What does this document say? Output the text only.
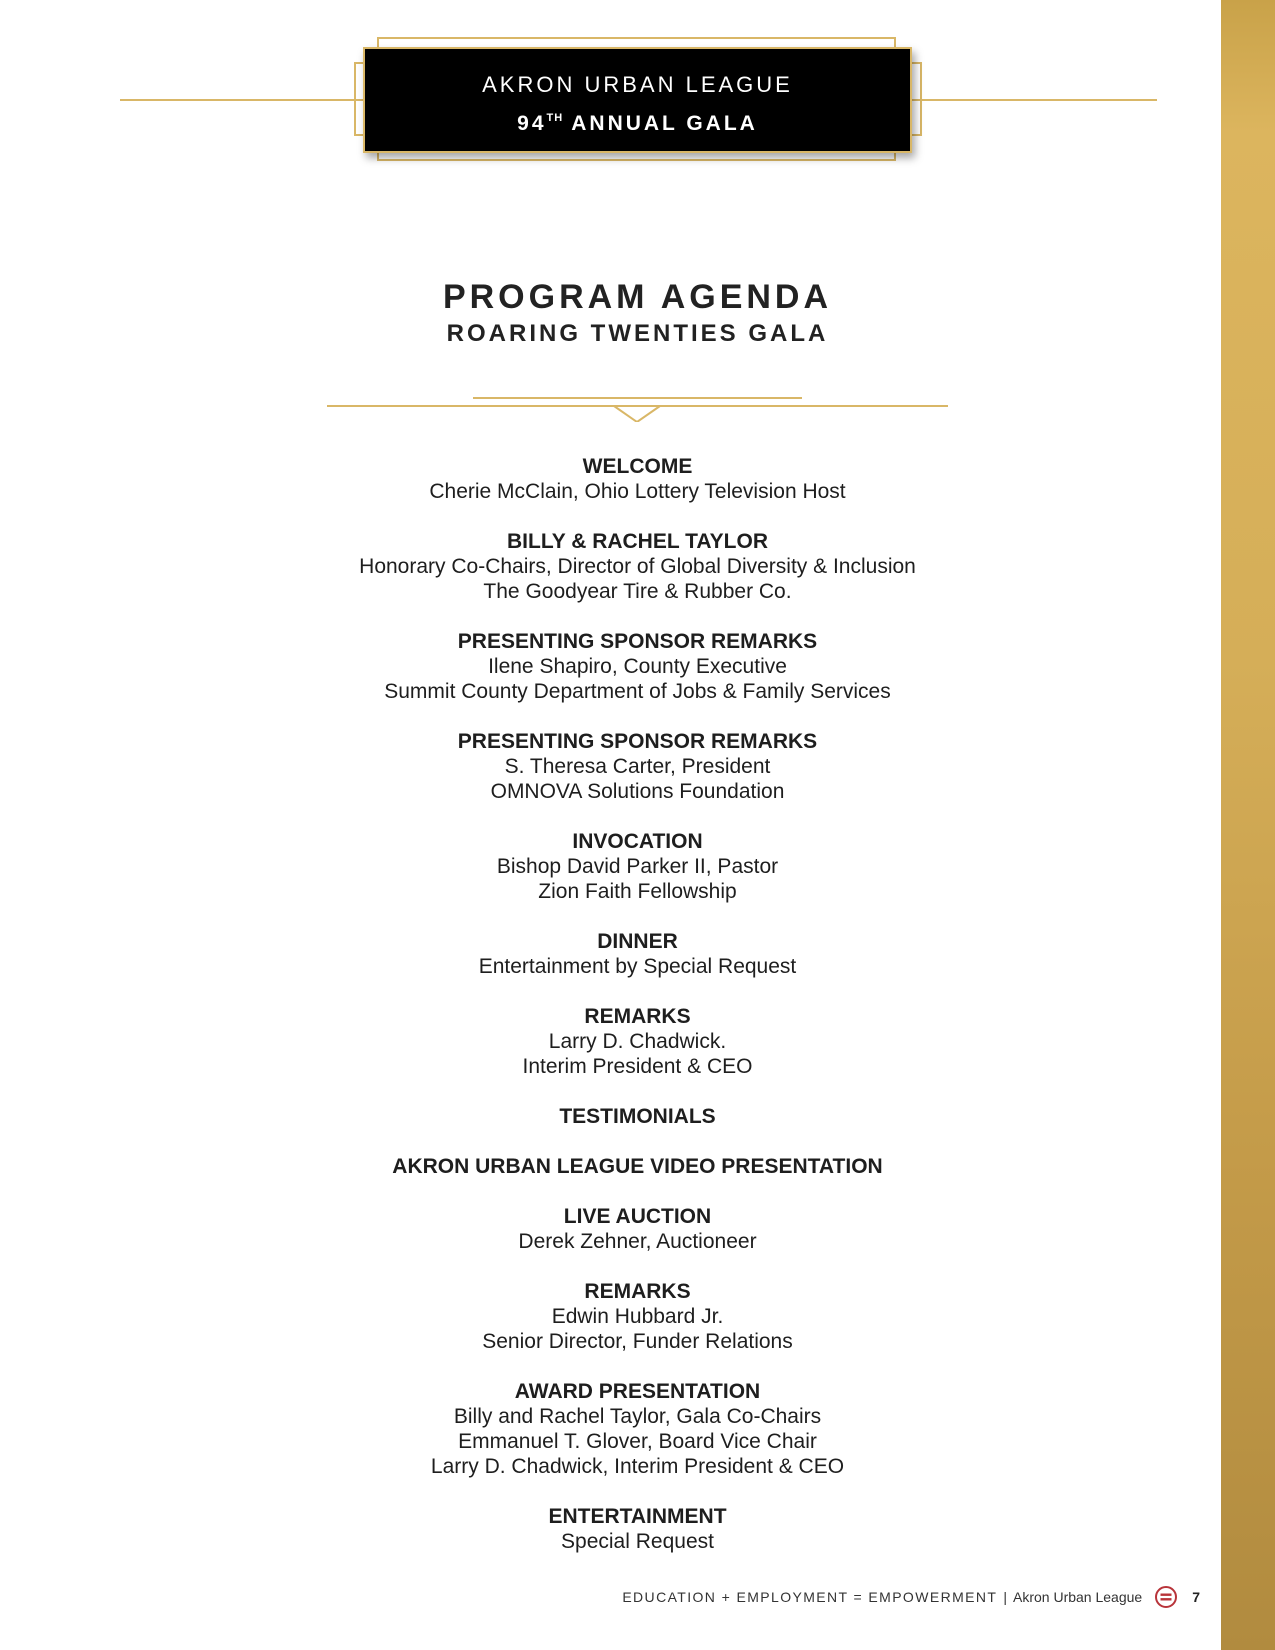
AKRON URBAN LEAGUE
94TH ANNUAL GALA
PROGRAM AGENDA
ROARING TWENTIES GALA
WELCOME
Cherie McClain, Ohio Lottery Television Host
BILLY & RACHEL TAYLOR
Honorary Co-Chairs, Director of Global Diversity & Inclusion
The Goodyear Tire & Rubber Co.
PRESENTING SPONSOR REMARKS
Ilene Shapiro, County Executive
Summit County Department of Jobs & Family Services
PRESENTING SPONSOR REMARKS
S. Theresa Carter, President
OMNOVA Solutions Foundation
INVOCATION
Bishop David Parker II, Pastor
Zion Faith Fellowship
DINNER
Entertainment by Special Request
REMARKS
Larry D. Chadwick.
Interim President & CEO
TESTIMONIALS
AKRON URBAN LEAGUE VIDEO PRESENTATION
LIVE AUCTION
Derek Zehner, Auctioneer
REMARKS
Edwin Hubbard Jr.
Senior Director, Funder Relations
AWARD PRESENTATION
Billy and Rachel Taylor, Gala Co-Chairs
Emmanuel T. Glover, Board Vice Chair
Larry D. Chadwick, Interim President & CEO
ENTERTAINMENT
Special Request
EDUCATION + EMPLOYMENT = EMPOWERMENT | Akron Urban League	7
